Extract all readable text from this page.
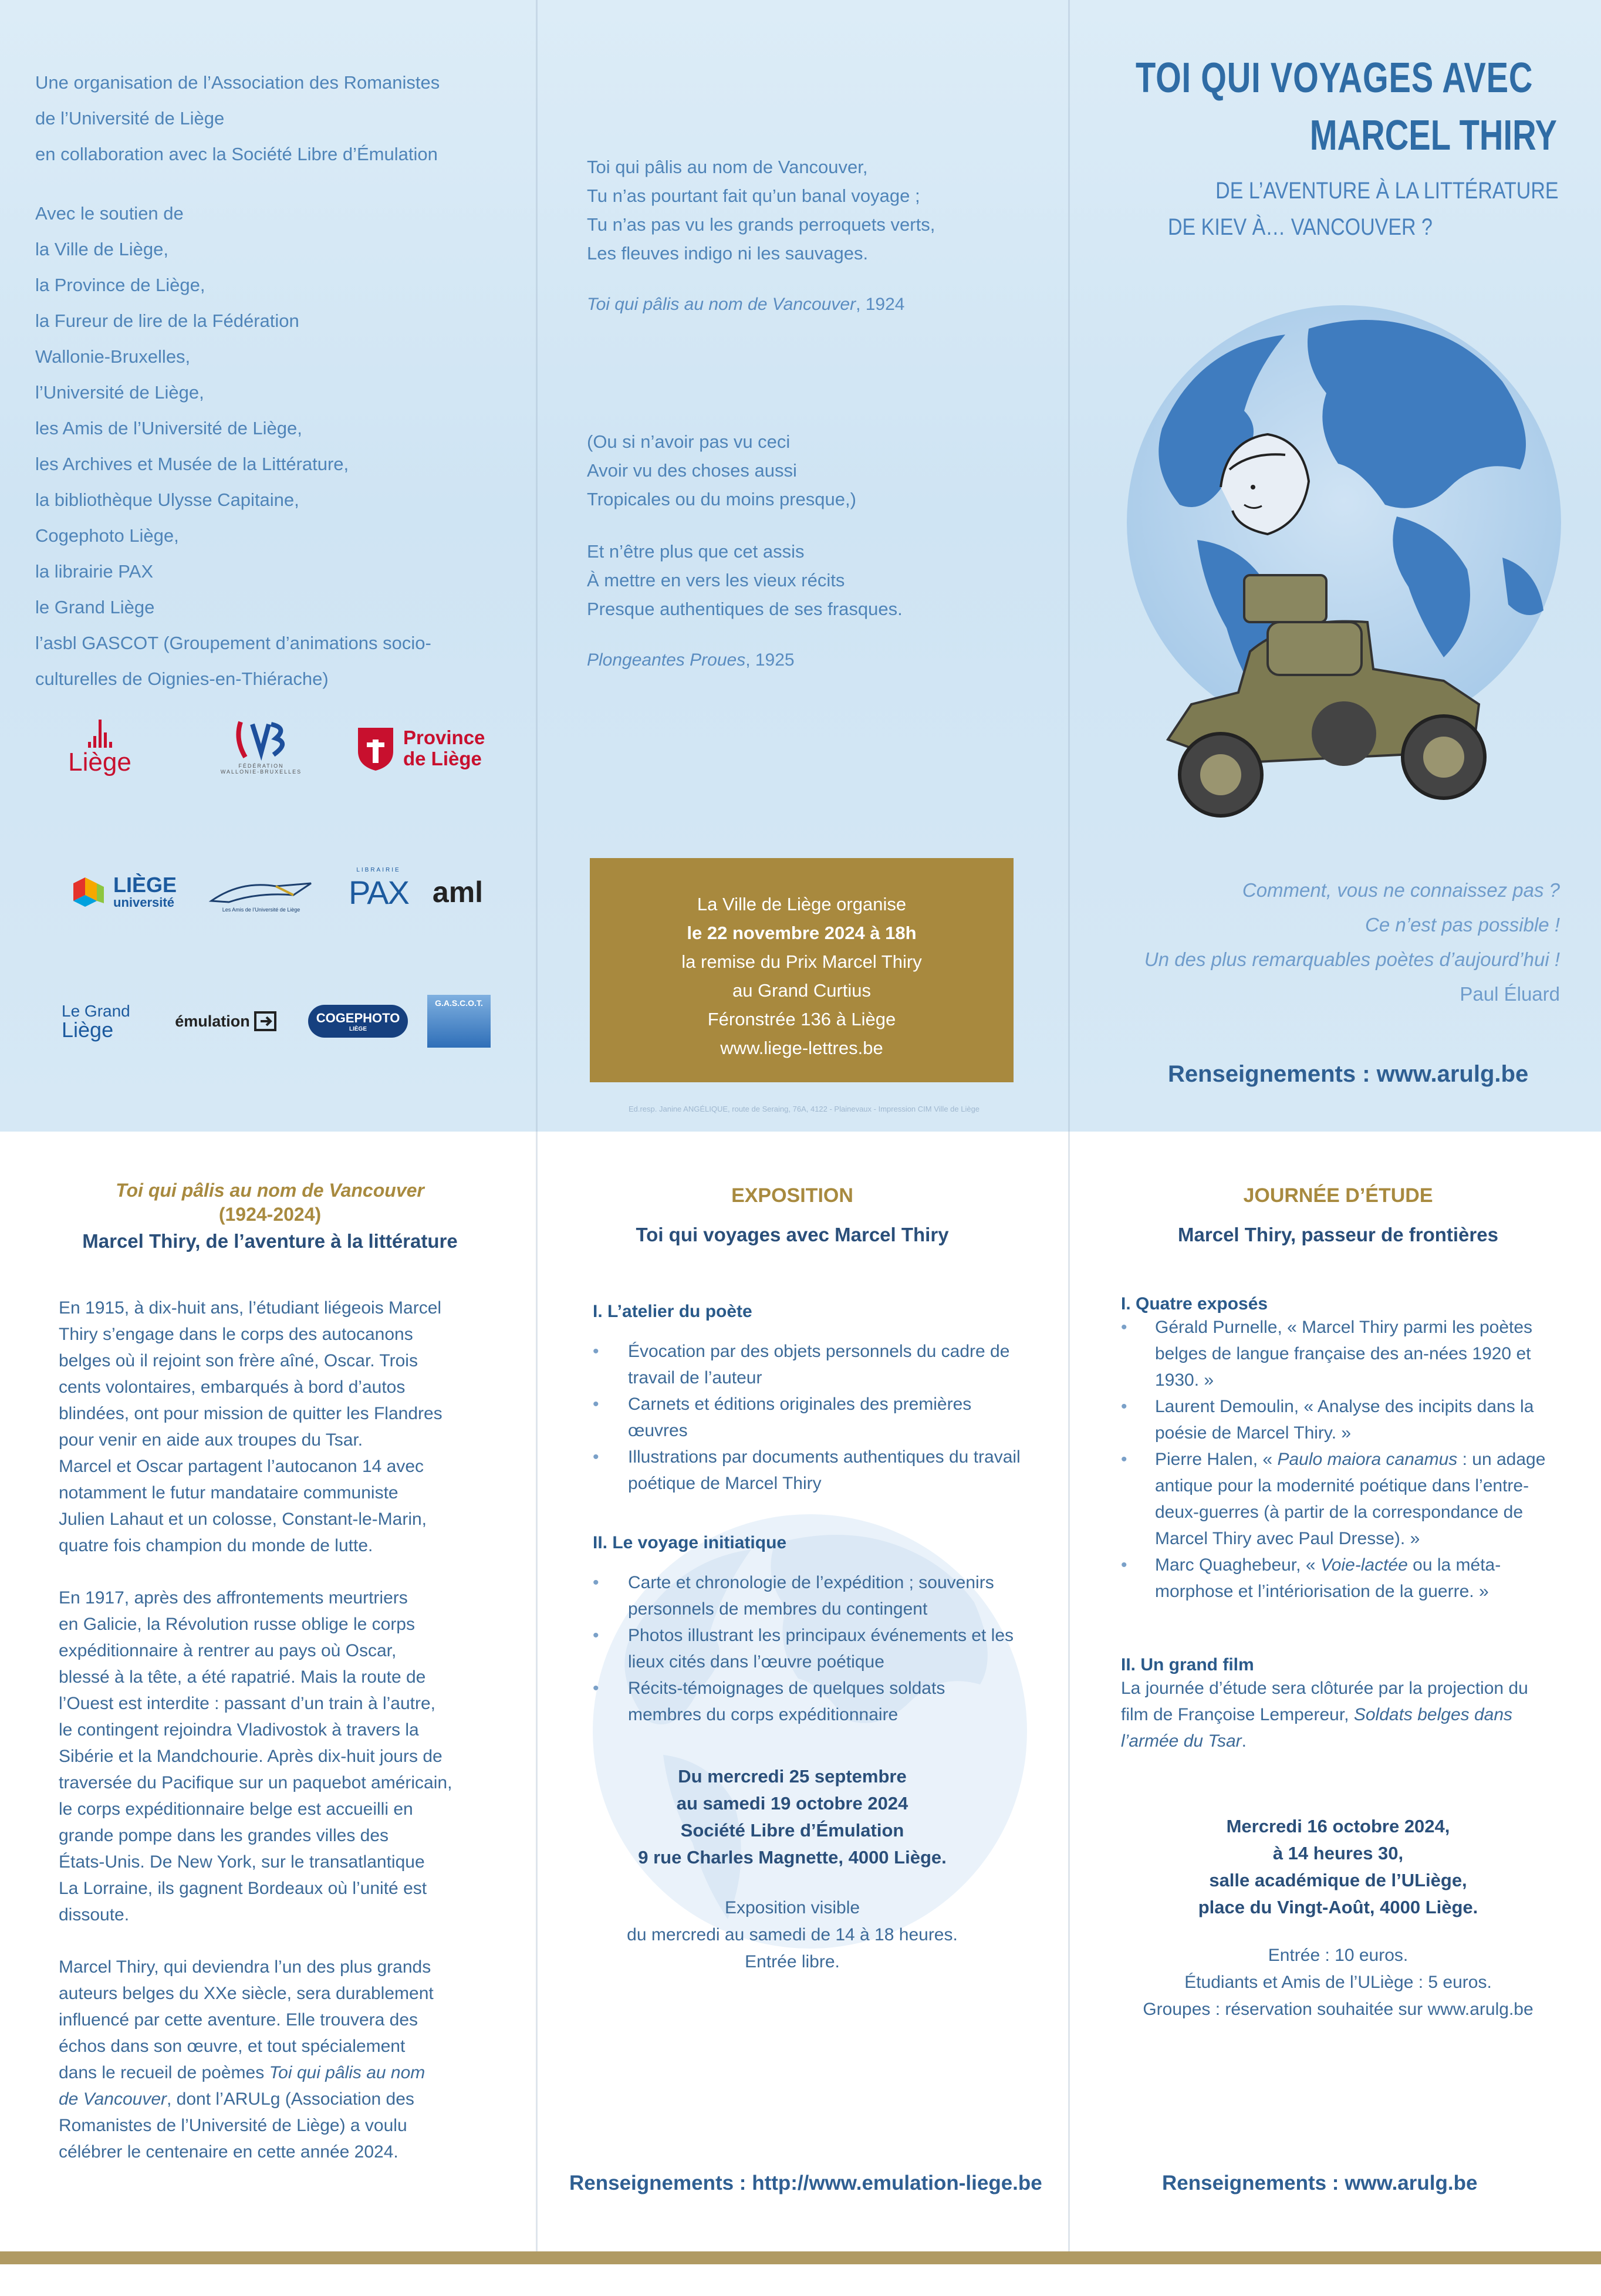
Une organisation de l’Association des Romanistes
de l’Université de Liège
en collaboration avec la Société Libre d’Émulation
Avec le soutien de
la Ville de Liège,
la Province de Liège,
la Fureur de lire de la Fédération
Wallonie-Bruxelles,
l’Université de Liège,
les Amis de l’Université de Liège,
les Archives et Musée de la Littérature,
la bibliothèque Ulysse Capitaine,
Cogephoto Liège,
la librairie PAX
le Grand Liège
l’asbl GASCOT (Groupement d’animations socio-
culturelles de Oignies-en-Thiérache)
Liège	FÉDÉRATION WALLONIE-BRUXELLES
Province
de Liège
LIÈGE
université	Les Amis de l’Université de Liège
LIBRAIRIE
PAX aml
Le Grand
Liège	émulation	COGEPHOTO
LIÈGE
G.A.S.C.O.T.
Toi qui pâlis au nom de Vancouver,
Tu n’as pourtant fait qu’un banal voyage ;
Tu n’as pas vu les grands perroquets verts,
Les fleuves indigo ni les sauvages.
Toi qui pâlis au nom de Vancouver, 1924
(Ou si n’avoir pas vu ceci
Avoir vu des choses aussi
Tropicales ou du moins presque,)
Et n’être plus que cet assis
À mettre en vers les vieux récits
Presque authentiques de ses frasques.
Plongeantes Proues, 1925
La Ville de Liège organise
le 22 novembre 2024 à 18h
la remise du Prix Marcel Thiry
au Grand Curtius
Féronstrée 136 à Liège
www.liege-lettres.be
Ed.resp. Janine ANGÉLIQUE, route de Seraing, 76A, 4122 - Plainevaux - Impression CIM Ville de Liège
TOI QUI VOYAGES AVEC
MARCEL THIRY
DE L’AVENTURE À LA LITTÉRATURE
DE KIEV À… VANCOUVER ?
Paul Éluard
Renseignements : www.arulg.be
Toi qui pâlis au nom de Vancouver
(1924-2024)
Marcel Thiry, de l’aventure à la littérature
En 1915, à dix-huit ans, l’étudiant liégeois Marcel
Thiry s’engage dans le corps des autocanons
belges où il rejoint son frère aîné, Oscar. Trois
cents volontaires, embarqués à bord d’autos
blindées, ont pour mission de quitter les Flandres
pour venir en aide aux troupes du Tsar.
Marcel et Oscar partagent l’autocanon 14 avec
notamment le futur mandataire communiste
Julien Lahaut et un colosse, Constant-le-Marin,
quatre fois champion du monde de lutte.
En 1917, après des affrontements meurtriers
en Galicie, la Révolution russe oblige le corps
expéditionnaire à rentrer au pays où Oscar,
blessé à la tête, a été rapatrié. Mais la route de
l’Ouest est interdite : passant d’un train à l’autre,
le contingent rejoindra Vladivostok à travers la
Sibérie et la Mandchourie. Après dix-huit jours de
traversée du Pacifique sur un paquebot américain,
le corps expéditionnaire belge est accueilli en
grande pompe dans les grandes villes des
États-Unis. De New York, sur le transatlantique
La Lorraine, ils gagnent Bordeaux où l’unité est
dissoute.
Marcel Thiry, qui deviendra l’un des plus grands
auteurs belges du XXe siècle, sera durablement
influencé par cette aventure. Elle trouvera des
échos dans son œuvre, et tout spécialement
dans le recueil de poèmes Toi qui pâlis au nom
de Vancouver, dont l’ARULg (Association des
Romanistes de l’Université de Liège) a voulu
célébrer le centenaire en cette année 2024.
EXPOSITION
Toi qui voyages avec Marcel Thiry
I. L’atelier du poète
• Évocation par des objets personnels du cadre de travail de l’auteur
• Carnets et éditions originales des premières œuvres
• Illustrations par documents authentiques du travail poétique de Marcel Thiry
II. Le voyage initiatique
• Carte et chronologie de l’expédition ; souvenirs personnels de membres du contingent
• Photos illustrant les principaux événements et les lieux cités dans l’œuvre poétique
• Récits-témoignages de quelques soldats membres du corps expéditionnaire
Du mercredi 25 septembre
au samedi 19 octobre 2024
Société Libre d’Émulation
9 rue Charles Magnette, 4000 Liège.
Exposition visible
du mercredi au samedi de 14 à 18 heures.
Entrée libre.
Renseignements : http://www.emulation-liege.be
JOURNÉE D’ÉTUDE
Marcel Thiry, passeur de frontières
I. Quatre exposés
• Gérald Purnelle, « Marcel Thiry parmi les poètes belges de langue française des an-nées 1920 et 1930. »
• Laurent Demoulin, « Analyse des incipits dans la poésie de Marcel Thiry. »
• Pierre Halen, « Paulo maiora canamus : un adage antique pour la modernité poétique dans l’entre-deux-guerres (à partir de la correspondance de Marcel Thiry avec Paul Dresse). »
• Marc Quaghebeur, « Voie-lactée ou la méta-morphose et l’intériorisation de la guerre. »
II. Un grand film
La journée d’étude sera clôturée par la projection du film de Françoise Lempereur, Soldats belges dans l’armée du Tsar.
Mercredi 16 octobre 2024,
à 14 heures 30,
salle académique de l’ULiège,
place du Vingt-Août, 4000 Liège.
Entrée : 10 euros.
Étudiants et Amis de l’ULiège : 5 euros.
Groupes : réservation souhaitée sur www.arulg.be
Renseignements : www.arulg.be
Comment, vous ne connaissez pas ?
Ce n’est pas possible !
Un des plus remarquables poètes d’aujourd’hui !
